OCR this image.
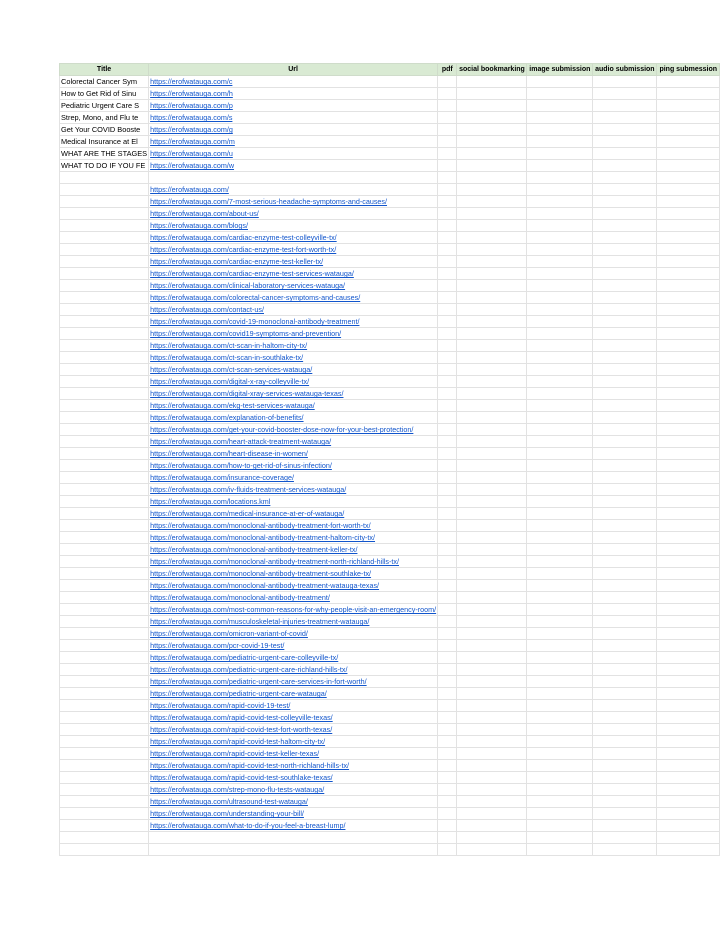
Title	Url	pdf	social bookmarking	image submission	audio submission	ping submession
Colorectal Cancer Sym	https://erofwatauga.com/c					
How to Get Rid of Sinu	https://erofwatauga.com/h					
Pediatric Urgent Care S	https://erofwatauga.com/p					
Strep, Mono, and Flu te	https://erofwatauga.com/s					
Get Your COVID Booste	https://erofwatauga.com/g					
Medical Insurance at El	https://erofwatauga.com/m					
WHAT ARE THE STAGES	https://erofwatauga.com/u					
WHAT TO DO IF YOU FE	https://erofwatauga.com/w					

	https://erofwatauga.com/					
	https://erofwatauga.com/7-most-serious-headache-symptoms-and-causes/					
	https://erofwatauga.com/about-us/					
	https://erofwatauga.com/blogs/					
	https://erofwatauga.com/cardiac-enzyme-test-colleyville-tx/					
	https://erofwatauga.com/cardiac-enzyme-test-fort-worth-tx/					
	https://erofwatauga.com/cardiac-enzyme-test-keller-tx/					
	https://erofwatauga.com/cardiac-enzyme-test-services-watauga/					
	https://erofwatauga.com/clinical-laboratory-services-watauga/					
	https://erofwatauga.com/colorectal-cancer-symptoms-and-causes/					
	https://erofwatauga.com/contact-us/					
	https://erofwatauga.com/covid-19-monoclonal-antibody-treatment/					
	https://erofwatauga.com/covid19-symptoms-and-prevention/					
	https://erofwatauga.com/ct-scan-in-haltom-city-tx/					
	https://erofwatauga.com/ct-scan-in-southlake-tx/					
	https://erofwatauga.com/ct-scan-services-watauga/					
	https://erofwatauga.com/digital-x-ray-colleyville-tx/					
	https://erofwatauga.com/digital-xray-services-watauga-texas/					
	https://erofwatauga.com/ekg-test-services-watauga/					
	https://erofwatauga.com/explanation-of-benefits/					
	https://erofwatauga.com/get-your-covid-booster-dose-now-for-your-best-protection/					
	https://erofwatauga.com/heart-attack-treatment-watauga/					
	https://erofwatauga.com/heart-disease-in-women/					
	https://erofwatauga.com/how-to-get-rid-of-sinus-infection/					
	https://erofwatauga.com/insurance-coverage/					
	https://erofwatauga.com/iv-fluids-treatment-services-watauga/					
	https://erofwatauga.com/locations.kml					
	https://erofwatauga.com/medical-insurance-at-er-of-watauga/					
	https://erofwatauga.com/monoclonal-antibody-treatment-fort-worth-tx/					
	https://erofwatauga.com/monoclonal-antibody-treatment-haltom-city-tx/					
	https://erofwatauga.com/monoclonal-antibody-treatment-keller-tx/					
	https://erofwatauga.com/monoclonal-antibody-treatment-north-richland-hills-tx/					
	https://erofwatauga.com/monoclonal-antibody-treatment-southlake-tx/					
	https://erofwatauga.com/monoclonal-antibody-treatment-watauga-texas/					
	https://erofwatauga.com/monoclonal-antibody-treatment/					
	https://erofwatauga.com/most-common-reasons-for-why-people-visit-an-emergency-room/					
	https://erofwatauga.com/musculoskeletal-injuries-treatment-watauga/					
	https://erofwatauga.com/omicron-variant-of-covid/					
	https://erofwatauga.com/pcr-covid-19-test/					
	https://erofwatauga.com/pediatric-urgent-care-colleyville-tx/					
	https://erofwatauga.com/pediatric-urgent-care-richland-hills-tx/					
	https://erofwatauga.com/pediatric-urgent-care-services-in-fort-worth/					
	https://erofwatauga.com/pediatric-urgent-care-watauga/					
	https://erofwatauga.com/rapid-covid-19-test/					
	https://erofwatauga.com/rapid-covid-test-colleyville-texas/					
	https://erofwatauga.com/rapid-covid-test-fort-worth-texas/					
	https://erofwatauga.com/rapid-covid-test-haltom-city-tx/					
	https://erofwatauga.com/rapid-covid-test-keller-texas/					
	https://erofwatauga.com/rapid-covid-test-north-richland-hills-tx/					
	https://erofwatauga.com/rapid-covid-test-southlake-texas/					
	https://erofwatauga.com/strep-mono-flu-tests-watauga/					
	https://erofwatauga.com/ultrasound-test-watauga/					
	https://erofwatauga.com/understanding-your-bill/					
	https://erofwatauga.com/what-to-do-if-you-feel-a-breast-lump/					
